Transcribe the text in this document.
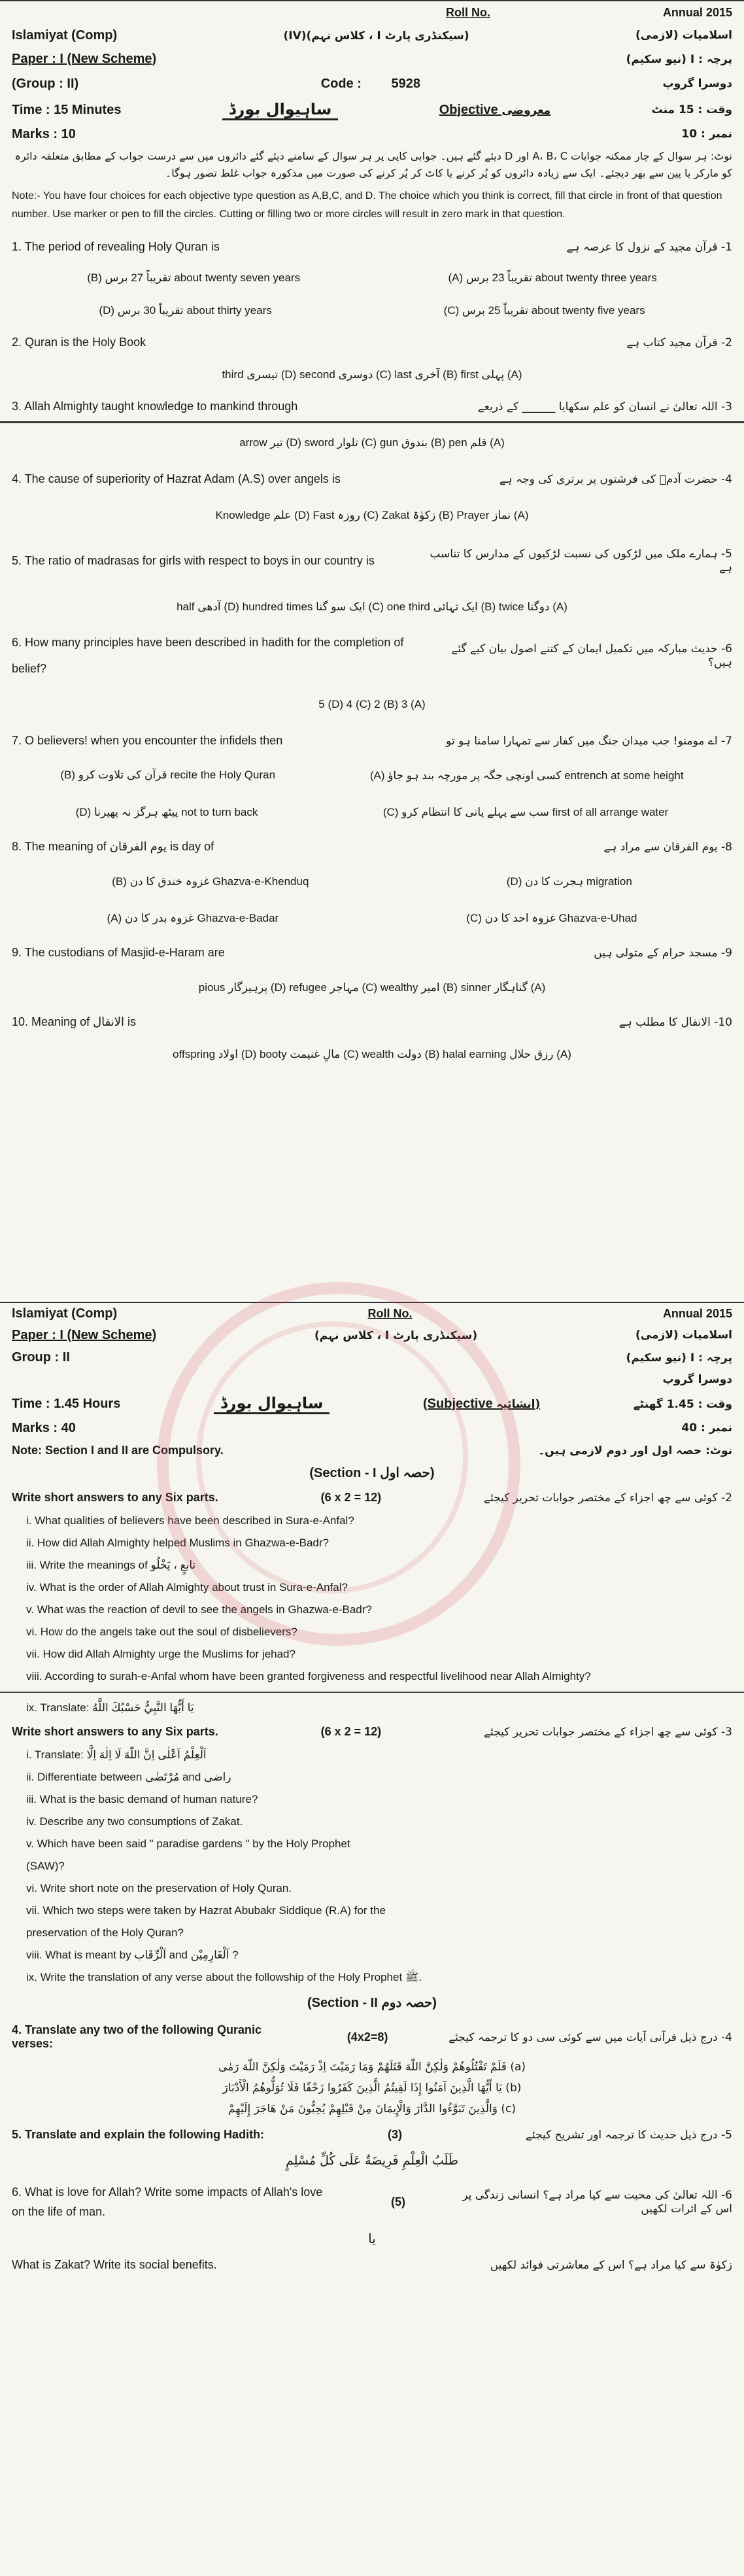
Roll No.	Annual 2015
Islamiyat (Comp)	(سیکنڈری پارٹ I ، کلاس نہم)(IV)	اسلامیات (لازمی)
Paper : I (New Scheme)	پرچہ : I (نیو سکیم)
(Group : II)	Code : 5928	دوسرا گروپ
Time : 15 Minutes	ساہیوال بورڈ	Objective معروضی	وقت : 15 منٹ
Marks : 10	نمبر : 10
نوٹ: ہر سوال کے چار ممکنہ جوابات A، B، C اور D دیئے گئے ہیں۔ جوابی کاپی پر ہر سوال کے سامنے دیئے گئے دائروں میں سے درست جواب کے مطابق متعلقہ دائرہ کو مارکر یا پین سے بھر دیجئے۔ ایک سے زیادہ دائروں کو پُر کرنے یا کاٹ کر پُر کرنے کی صورت میں مذکورہ جواب غلط تصور ہوگا۔
Note:- You have four choices for each objective type question as A,B,C, and D. The choice which you think is correct, fill that circle in front of that question number. Use marker or pen to fill the circles. Cutting or filling two or more circles will result in zero mark in that question.
1. The period of revealing Holy Quran is	1- قرآن مجید کے نزول کا عرصہ ہے
(B) تقریباً 27 برس about twenty seven years	(A) تقریباً 23 برس about twenty three years
(D) تقریباً 30 برس about thirty years	(C) تقریباً 25 برس about twenty five years
2. Quran is the Holy Book	2- قرآن مجید کتاب ہے
third تیسری (D) second دوسری (C) last آخری (B) first پہلی (A)
3. Allah Almighty taught knowledge to mankind through	3- اللہ تعالیٰ نے انسان کو علم سکھایا ______ کے ذریعے
arrow تیر (D) sword تلوار (C) gun بندوق (B) pen قلم (A)
4. The cause of superiority of Hazrat Adam (A.S) over angels is	4- حضرت آدمؑ کی فرشتوں پر برتری کی وجہ ہے
Knowledge علم (D) Fast روزہ (C) Zakat زکوٰۃ (B) Prayer نماز (A)
5. The ratio of madrasas for girls with respect to boys in our country is	5- ہمارے ملک میں لڑکوں کی نسبت لڑکیوں کے مدارس کا تناسب ہے
half آدھی (D) hundred times ایک سو گنا (C) one third ایک تہائی (B) twice دوگنا (A)
6. How many principles have been described in hadith for the completion of belief?
6- حدیث مبارکہ میں تکمیل ایمان کے کتنے اصول بیان کیے گئے ہیں؟
5 (D) 4 (C) 2 (B) 3 (A)
7. O believers! when you encounter the infidels then	7- اے مومنو! جب میدان جنگ میں کفار سے تمہارا سامنا ہو تو
(B) قرآن کی تلاوت کرو recite the Holy Quran	(A) کسی اونچی جگہ پر مورچہ بند ہو جاؤ entrench at some height
(D) پیٹھ ہرگز نہ پھیرنا not to turn back	(C) سب سے پہلے پانی کا انتظام کرو first of all arrange water
8. The meaning of يوم الفرقان is day of	8- یوم الفرقان سے مراد ہے
(B) غزوہ خندق کا دن Ghazva-e-Khenduq	(D) ہجرت کا دن migration
(A) غزوہ بدر کا دن Ghazva-e-Badar	(C) غزوہ احد کا دن Ghazva-e-Uhad
9. The custodians of Masjid-e-Haram are	9- مسجد حرام کے متولی ہیں
pious پرہیزگار (D) refugee مہاجر (C) wealthy امیر (B) sinner گناہگار (A)
10. Meaning of الانفال is	10- الانفال کا مطلب ہے
offspring اولاد (D) booty مالِ غنیمت (C) wealth دولت (B) halal earning رزق حلال (A)
Islamiyat (Comp)	Roll No.	Annual 2015
Paper : I (New Scheme)	(سیکنڈری پارٹ I ، کلاس نہم)	اسلامیات (لازمی)
Group : II	پرچہ : I (نیو سکیم)
دوسرا گروپ
Time : 1.45 Hours	ساہیوال بورڈ	(Subjective انشائیہ)	وقت : 1.45 گھنٹے
Marks : 40	نمبر : 40
Note: Section I and II are Compulsory.	نوٹ: حصہ اول اور دوم لازمی ہیں۔
(Section - I حصہ اول)
Write short answers to any Six parts.	(6 x 2 = 12)	2- کوئی سے چھ اجزاء کے مختصر جوابات تحریر کیجئے
i. What qualities of believers have been described in Sura-e-Anfal?
ii. How did Allah Almighty helped Muslims in Ghazwa-e-Badr?
iii. Write the meanings of تابعٍ ، یَخْلُو
iv. What is the order of Allah Almighty about trust in Sura-e-Anfal?
v. What was the reaction of devil to see the angels in Ghazwa-e-Badr?
vi. How do the angels take out the soul of disbelievers?
vii. How did Allah Almighty urge the Muslims for jehad?
viii. According to surah-e-Anfal whom have been granted forgiveness and respectful livelihood near Allah Almighty?
ix. Translate: يَا أَيُّهَا النَّبِيُّ حَسْبُكَ اللَّهُ
Write short answers to any Six parts.	(6 x 2 = 12)	3- کوئی سے چھ اجزاء کے مختصر جوابات تحریر کیجئے
i. Translate: اَلْعِلْمُ اَعْلٰى اِنَّ اللّٰهَ لَا اِلٰهَ اِلَّا
ii. Differentiate between مُرْتَضٰی and راضی
iii. What is the basic demand of human nature?
iv. Describe any two consumptions of Zakat.
v. Which have been said " paradise gardens " by the Holy Prophet (SAW)?
vi. Write short note on the preservation of Holy Quran.
vii. Which two steps were taken by Hazrat Abubakr Siddique (R.A) for the preservation of the Holy Quran?
viii. What is meant by اَلْرِّقَاب and اَلْغَارِمِيْن ?
ix. Write the translation of any verse about the followship of the Holy Prophet ﷺ.
(Section - II حصہ دوم)
4. Translate any two of the following Quranic verses:
(4x2=8)	4- درج ذیل قرآنی آیات میں سے کوئی سی دو کا ترجمہ کیجئے
(a) فَلَمْ تَقْتُلُوهُمْ وَلٰكِنَّ اللّٰهَ قَتَلَهُمْ وَمَا رَمَيْتَ اِذْ رَمَيْتَ وَلٰكِنَّ اللّٰهَ رَمٰى
(b) يَا أَيُّهَا الَّذِينَ آمَنُوا إِذَا لَقِيتُمُ الَّذِينَ كَفَرُوا زَحْفًا فَلَا تُوَلُّوهُمُ الْأَدْبَارَ
(c) وَالَّذِينَ تَبَوَّءُوا الدَّارَ وَالْإِيمَانَ مِنْ قَبْلِهِمْ يُحِبُّونَ مَنْ هَاجَرَ إِلَيْهِمْ
5. Translate and explain the following Hadith:	(3)	5- درج ذیل حدیث کا ترجمہ اور تشریح کیجئے
طَلَبُ الْعِلْمِ فَرِيضَةٌ عَلَى كُلِّ مُسْلِمٍ
6. What is love for Allah? Write some impacts of Allah's love on the life of man.
(5)	6- اللہ تعالیٰ کی محبت سے کیا مراد ہے؟ انسانی زندگی پر اس کے اثرات لکھیں
یا
What is Zakat? Write its social benefits.	زکوٰۃ سے کیا مراد ہے؟ اس کے معاشرتی فوائد لکھیں
